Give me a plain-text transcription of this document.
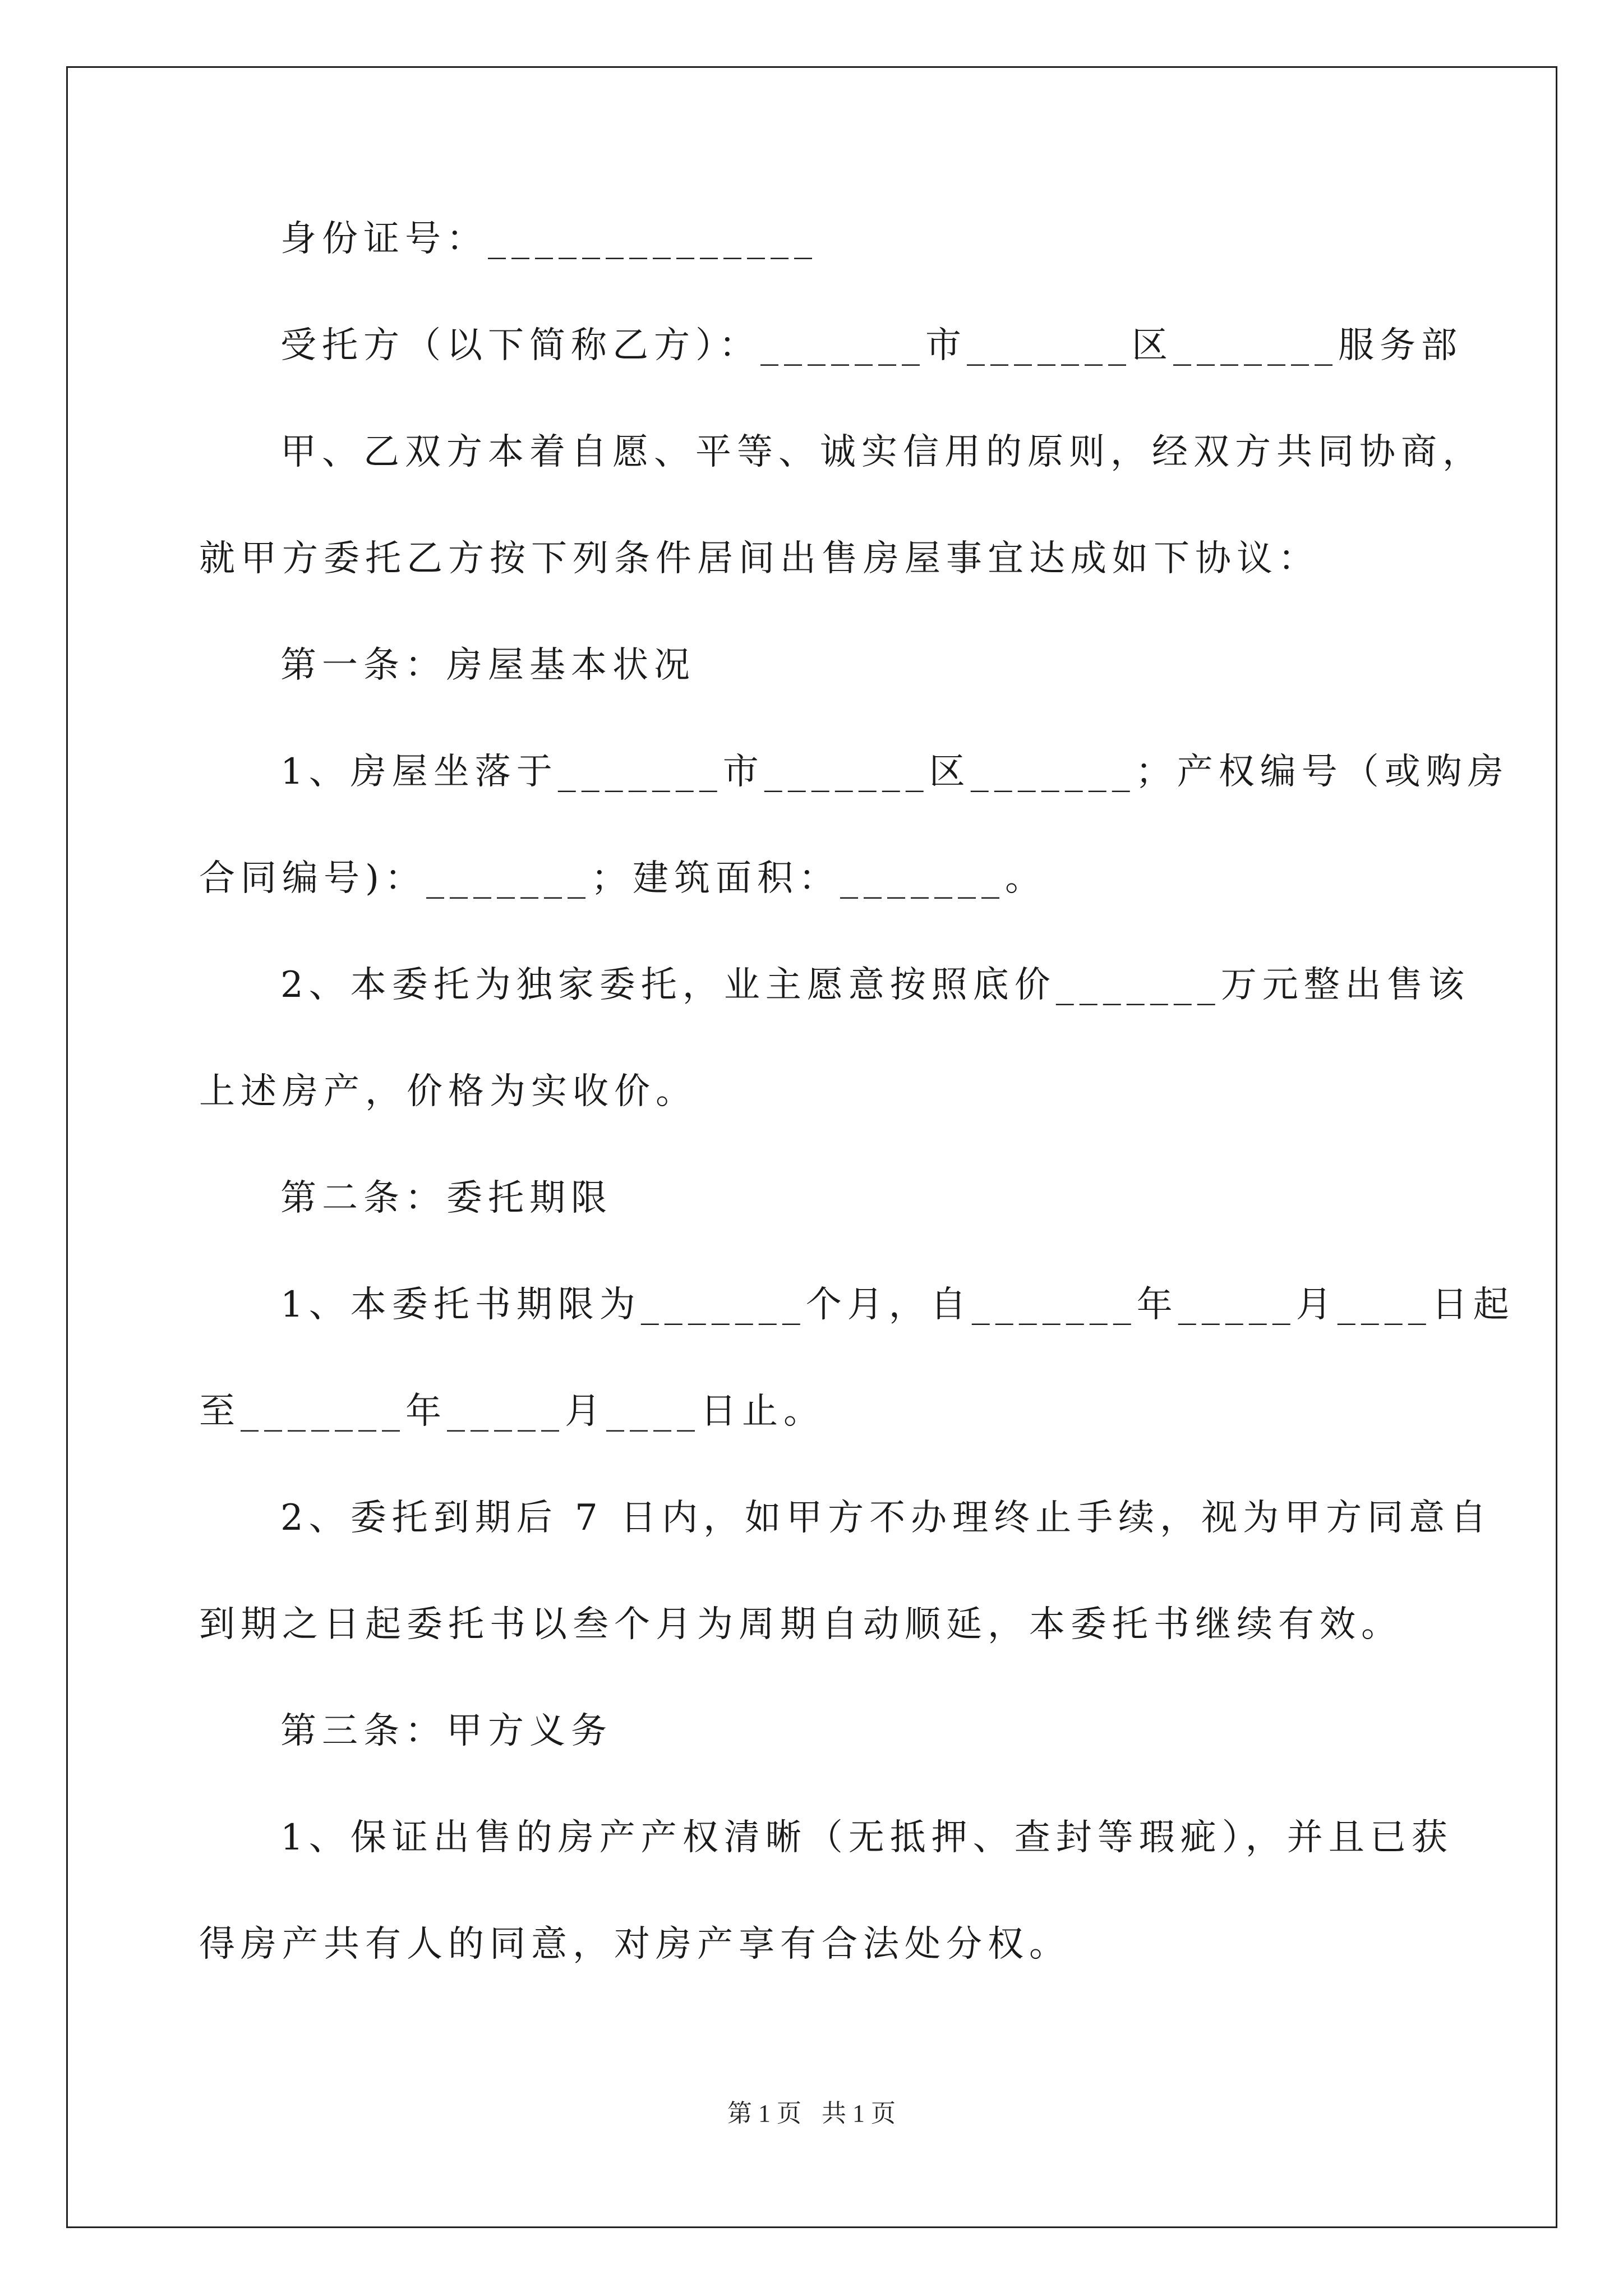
身份证号：______________
受托方（以下简称乙方）：_______市_______区_______服务部
甲、乙双方本着自愿、平等、诚实信用的原则，经双方共同协商，
就甲方委托乙方按下列条件居间出售房屋事宜达成如下协议：
第一条：房屋基本状况
1、房屋坐落于_______市_______区_______；产权编号（或购房
合同编号)：_______；建筑面积：_______。
2、本委托为独家委托，业主愿意按照底价_______万元整出售该
上述房产，价格为实收价。
第二条：委托期限
1、本委托书期限为_______个月，自_______年_____月____日起
至_______年_____月____日止。
2、委托到期后 7 日内，如甲方不办理终止手续，视为甲方同意自
到期之日起委托书以叁个月为周期自动顺延，本委托书继续有效。
第三条：甲方义务
1、保证出售的房产产权清晰（无抵押、查封等瑕疵），并且已获
得房产共有人的同意，对房产享有合法处分权。
第 1 页 共 1 页
